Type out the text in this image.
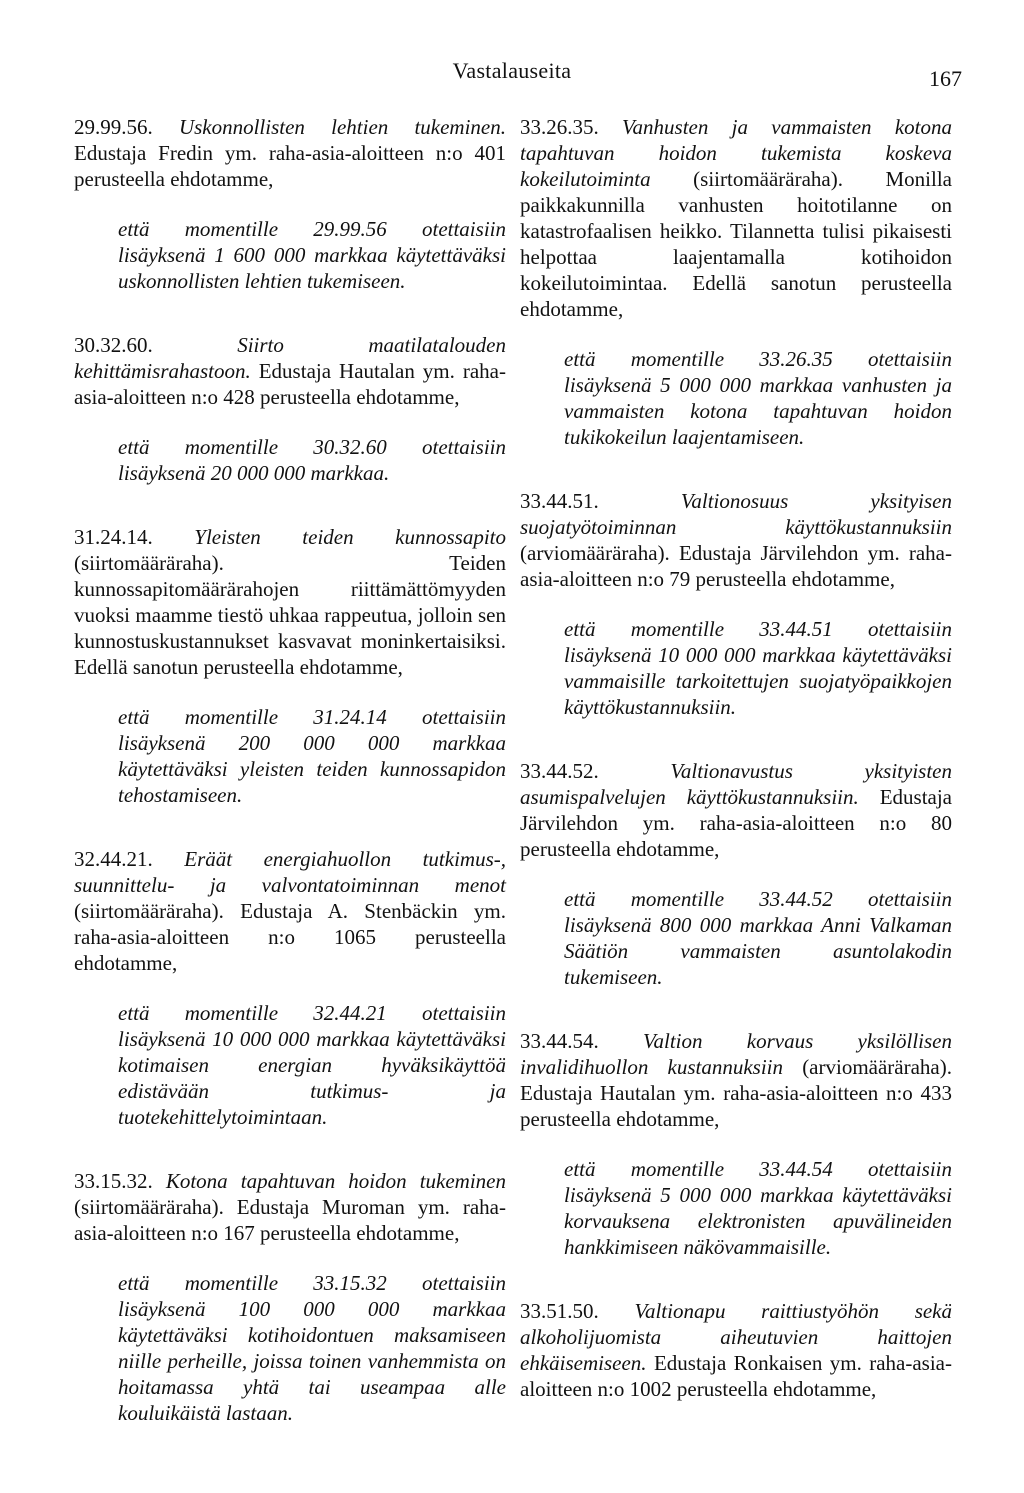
Vastalauseita	167

29.99.56. Uskonnollisten lehtien tukeminen. Edustaja Fredin ym. raha-asia-aloitteen n:o 401 perusteella ehdotamme,

että momentille 29.99.56 otettaisiin lisäyksenä 1 600 000 markkaa käytettäväksi uskonnollisten lehtien tukemiseen.

30.32.60.	Siirto maatilatalouden kehittämisrahastoon. Edustaja Hautalan ym. raha-asia-aloitteen n:o 428 perusteella ehdotamme,

että momentille 30.32.60 otettaisiin lisäyksenä 20 000 000 markkaa.

31.24.14. Yleisten teiden kunnossapito (siirtomääräraha). Teiden kunnossapitomäärärahojen riittämättömyyden vuoksi maamme tiestö uhkaa rappeutua, jolloin sen kunnostuskustannukset kasvavat moninkertaisiksi. Edellä sanotun perusteella ehdotamme,

että momentille 31.24.14 otettaisiin lisäyksenä 200 000 000 markkaa käytettäväksi yleisten teiden kunnossapidon tehostamiseen.

32.44.21. Eräät energiahuollon tutkimus-, suunnittelu- ja valvontatoiminnan menot (siirtomääräraha). Edustaja A. Stenbäckin ym. raha-asia-aloitteen n:o 1065 perusteella ehdotamme,

että momentille 32.44.21 otettaisiin lisäyksenä 10 000 000 markkaa käytettäväksi kotimaisen energian hyväksikäyttöä edistävään tutkimus- ja tuotekehittelytoimintaan.

33.15.32. Kotona tapahtuvan hoidon tukeminen (siirtomääräraha). Edustaja Muroman ym. raha-asia-aloitteen n:o 167 perusteella ehdotamme,

että momentille 33.15.32 otettaisiin lisäyksenä 100 000 000 markkaa käytettäväksi kotihoidontuen maksamiseen niille perheille, joissa toinen vanhemmista on hoitamassa yhtä tai useampaa alle kouluikäistä lastaan.

33.26.35. Vanhusten ja vammaisten kotona tapahtuvan hoidon tukemista koskeva kokeilutoiminta (siirtomääräraha). Monilla paikkakunnilla vanhusten hoitotilanne on katastrofaalisen heikko. Tilannetta tulisi pikaisesti helpottaa laajentamalla kotihoidon kokeilutoimintaa. Edellä sanotun perusteella ehdotamme,

että momentille 33.26.35 otettaisiin lisäyksenä 5 000 000 markkaa vanhusten ja vammaisten kotona tapahtuvan hoidon tukikokeilun laajentamiseen.

33.44.51.	Valtionosuus yksityisen suojatyötoiminnan käyttökustannuksiin (arviomääräraha). Edustaja Järvilehdon ym. raha-asia-aloitteen n:o 79 perusteella ehdotamme,

että momentille 33.44.51 otettaisiin lisäyksenä 10 000 000 markkaa käytettäväksi vammaisille tarkoitettujen suojatyöpaikkojen käyttökustannuksiin.

33.44.52.	Valtionavustus yksityisten asumispalvelujen käyttökustannuksiin. Edustaja Järvilehdon ym. raha-asia-aloitteen n:o 80 perusteella ehdotamme,

että momentille 33.44.52 otettaisiin lisäyksenä 800 000 markkaa Anni Valkaman Säätiön vammaisten asuntolakodin tukemiseen.

33.44.54. Valtion korvaus yksilöllisen invalidihuollon kustannuksiin (arviomääräraha). Edustaja Hautalan ym. raha-asia-aloitteen n:o 433 perusteella ehdotamme,

että momentille 33.44.54 otettaisiin lisäyksenä 5 000 000 markkaa käytettäväksi korvauksena elektronisten apuvälineiden hankkimiseen näkövammaisille.

33.51.50. Valtionapu raittiustyöhön sekä alkoholijuomista aiheutuvien haittojen ehkäisemiseen. Edustaja Ronkaisen ym. raha-asia-aloitteen n:o 1002 perusteella ehdotamme,
